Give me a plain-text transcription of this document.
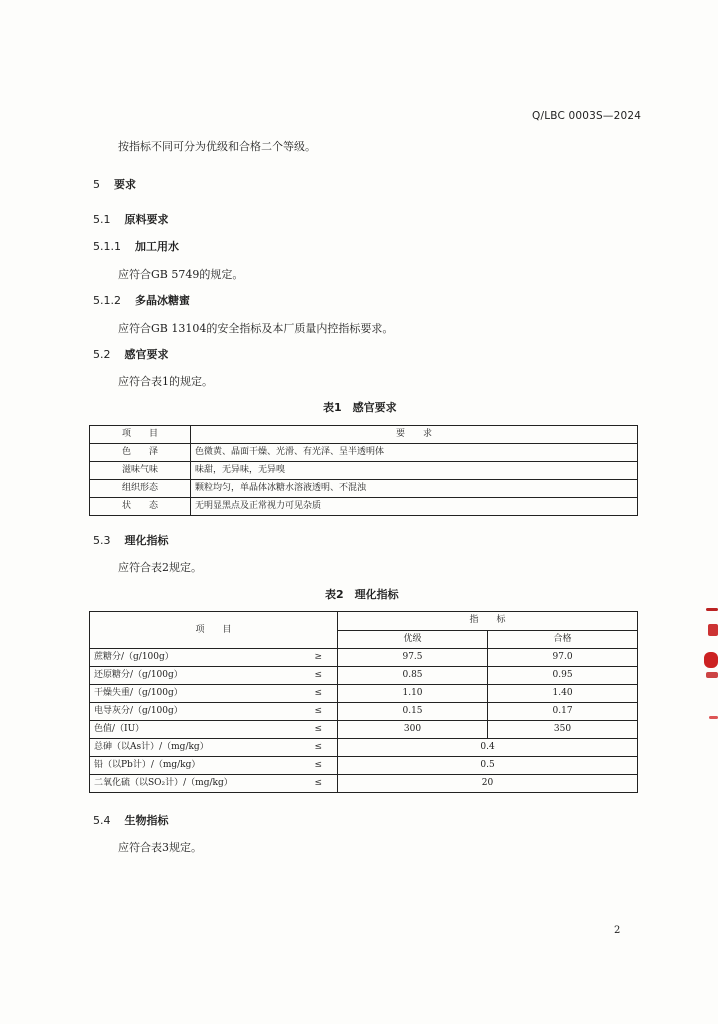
Q/LBC 0003S—2024
按指标不同可分为优级和合格二个等级。
5 要求
5.1 原料要求
5.1.1 加工用水
应符合GB 5749的规定。
5.1.2 多晶冰糖蜜
应符合GB 13104的安全指标及本厂质量内控指标要求。
5.2 感官要求
应符合表1的规定。
表1　感官要求
项　　目	要　　求
色　　泽	色微黄、晶面干燥、光滑、有光泽、呈半透明体
滋味气味	味甜，无异味，无异嗅
组织形态	颗粒均匀，单晶体冰糖水溶液透明、不混浊
状　　态	无明显黑点及正常视力可见杂质
5.3 理化指标
应符合表2规定。
表2　理化指标
项　　目		指　　标	
		优级	合格
蔗糖分/（g/100g）	≥	97.5	97.0
还原糖分/（g/100g）	≤	0.85	0.95
干燥失重/（g/100g）	≤	1.10	1.40
电导灰分/（g/100g）	≤	0.15	0.17
色值/（IU）	≤	300	350
总砷（以As计）/（mg/kg）	≤	0.4	
铅（以Pb计）/（mg/kg）	≤	0.5	
二氧化硫（以SO₂计）/（mg/kg）	≤	20	
5.4 生物指标
应符合表3规定。
2
